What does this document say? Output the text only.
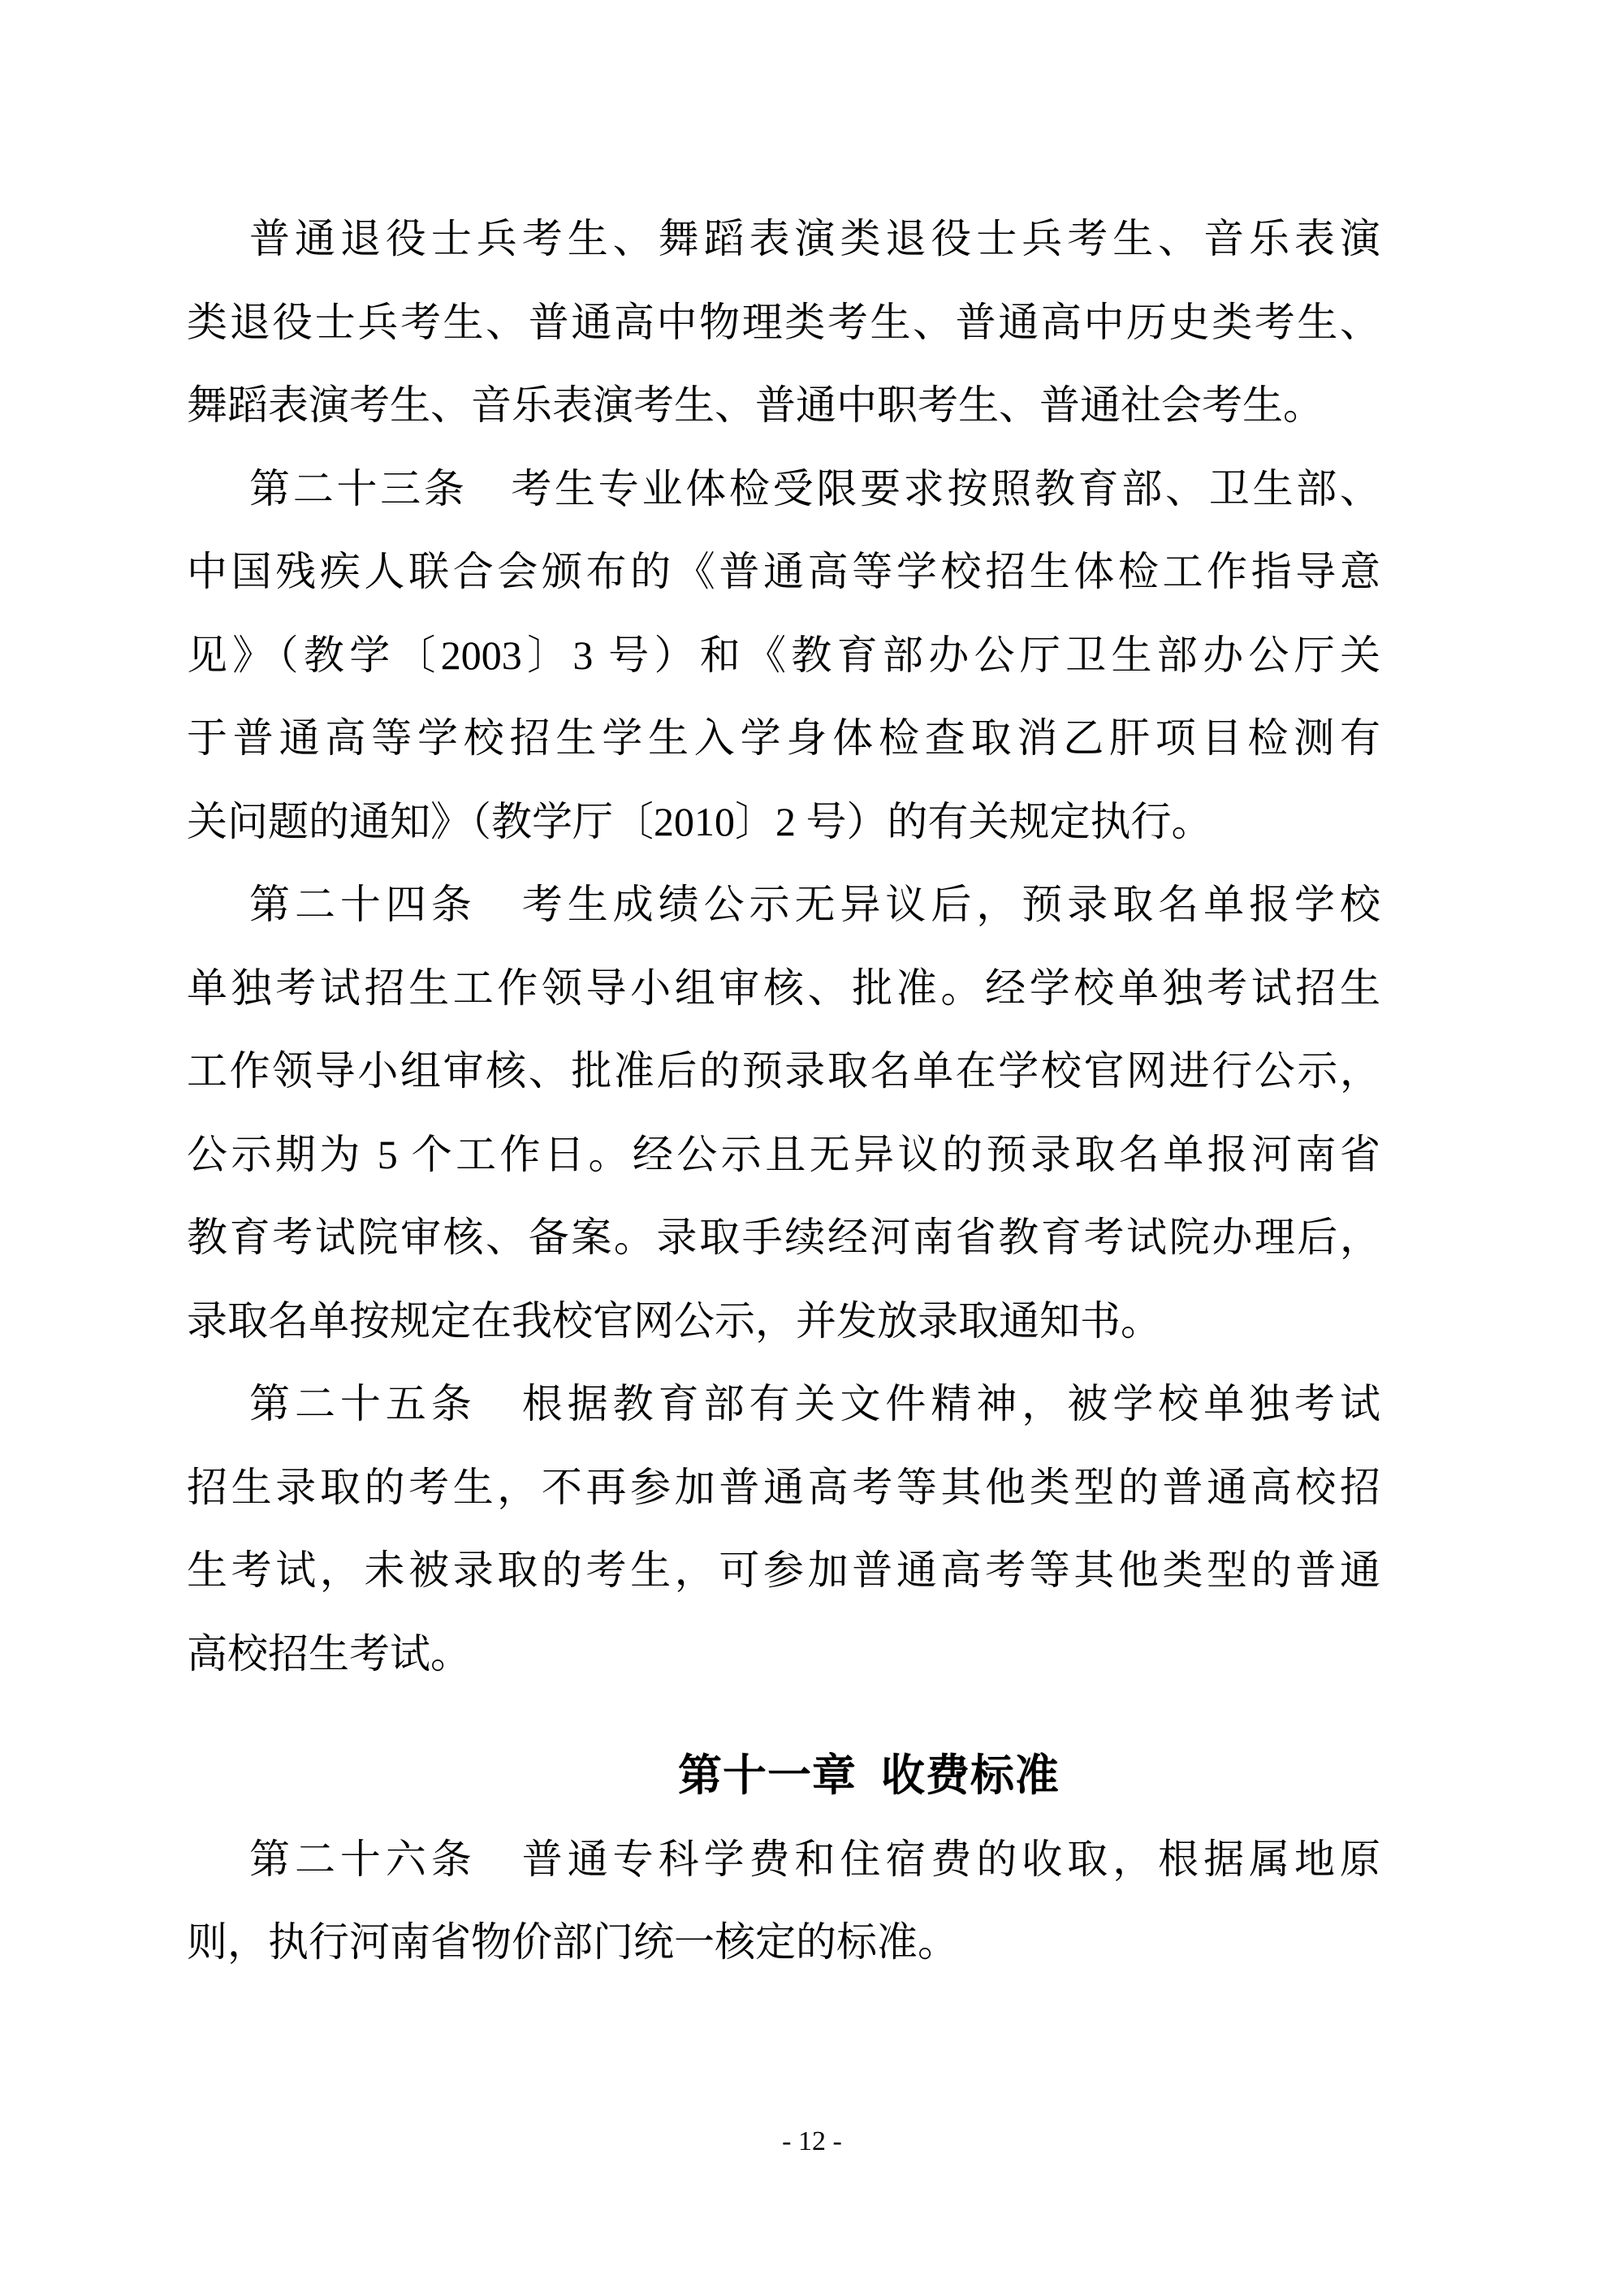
普通退役士兵考生、舞蹈表演类退役士兵考生、音乐表演
类退役士兵考生、普通高中物理类考生、普通高中历史类考生、
舞蹈表演考生、音乐表演考生、普通中职考生、普通社会考生。
第二十三条　考生专业体检受限要求按照教育部、卫生部、
中国残疾人联合会颁布的《普通高等学校招生体检工作指导意
见》（教学〔2003〕3 号）和《教育部办公厅卫生部办公厅关
于普通高等学校招生学生入学身体检查取消乙肝项目检测有
关问题的通知》（教学厅〔2010〕2 号）的有关规定执行。
第二十四条　考生成绩公示无异议后，预录取名单报学校
单独考试招生工作领导小组审核、批准。经学校单独考试招生
工作领导小组审核、批准后的预录取名单在学校官网进行公示，
公示期为 5 个工作日。经公示且无异议的预录取名单报河南省
教育考试院审核、备案。录取手续经河南省教育考试院办理后，
录取名单按规定在我校官网公示，并发放录取通知书。
第二十五条　根据教育部有关文件精神，被学校单独考试
招生录取的考生，不再参加普通高考等其他类型的普通高校招
生考试，未被录取的考生，可参加普通高考等其他类型的普通
高校招生考试。
第十一章 收费标准
第二十六条　普通专科学费和住宿费的收取，根据属地原
则，执行河南省物价部门统一核定的标准。
- 12 -
